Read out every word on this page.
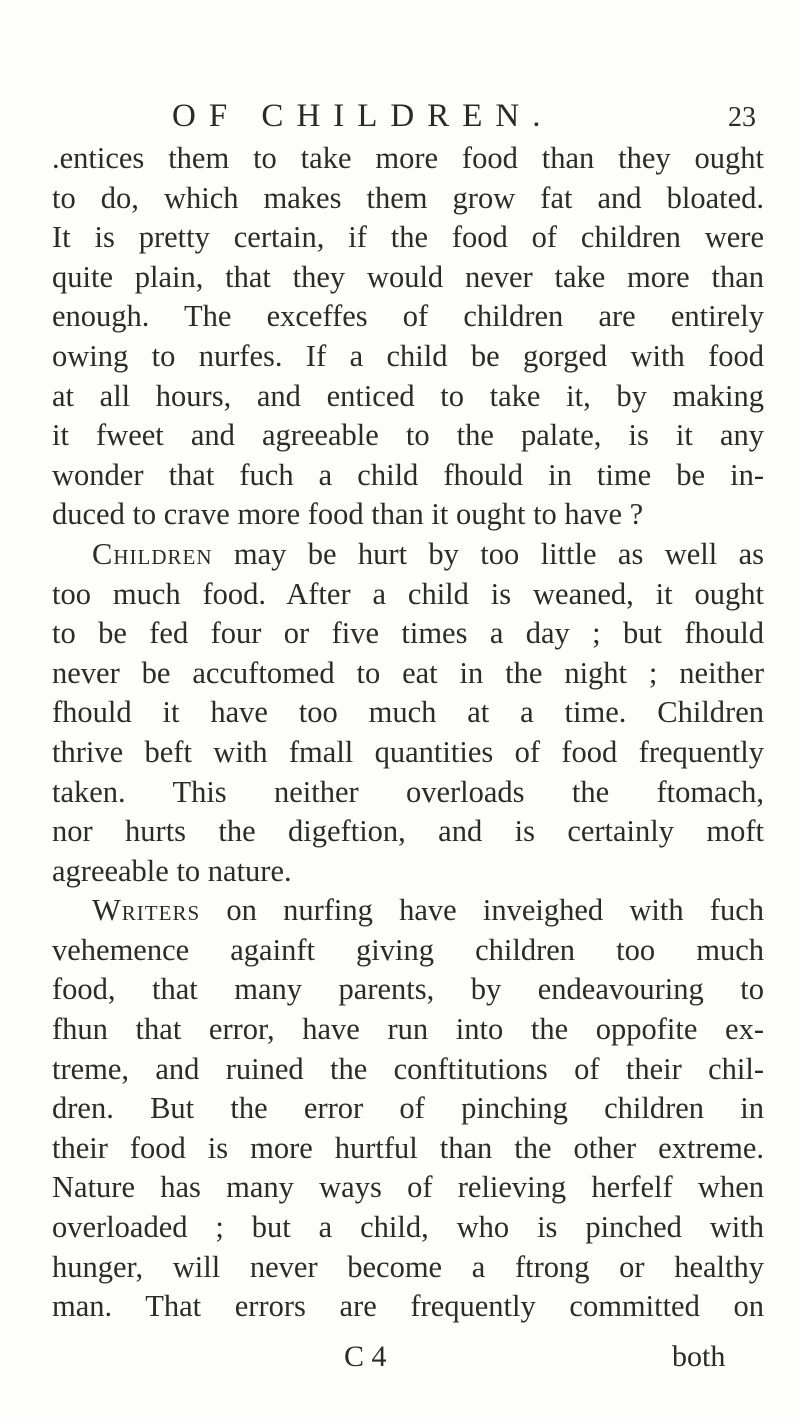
OF CHILDREN.	23
.entices them to take more food than they ought
to do, which makes them grow fat and bloated.
It is pretty certain, if the food of children were
quite plain, that they would never take more than
enough. The exceffes of children are entirely
owing to nurfes. If a child be gorged with food
at all hours, and enticed to take it, by making
it fweet and agreeable to the palate, is it any
wonder that fuch a child fhould in time be in-
duced to crave more food than it ought to have ?
Children may be hurt by too little as well as
too much food. After a child is weaned, it ought
to be fed four or five times a day ; but fhould
never be accuftomed to eat in the night ; neither
fhould it have too much at a time. Children
thrive beft with fmall quantities of food frequently
taken. This neither overloads the ftomach,
nor hurts the digeftion, and is certainly moft
agreeable to nature.
Writers on nurfing have inveighed with fuch
vehemence againft giving children too much
food, that many parents, by endeavouring to
fhun that error, have run into the oppofite ex-
treme, and ruined the conftitutions of their chil-
dren. But the error of pinching children in
their food is more hurtful than the other extreme.
Nature has many ways of relieving herfelf when
overloaded ; but a child, who is pinched with
hunger, will never become a ftrong or healthy
man. That errors are frequently committed on
C 4	both
